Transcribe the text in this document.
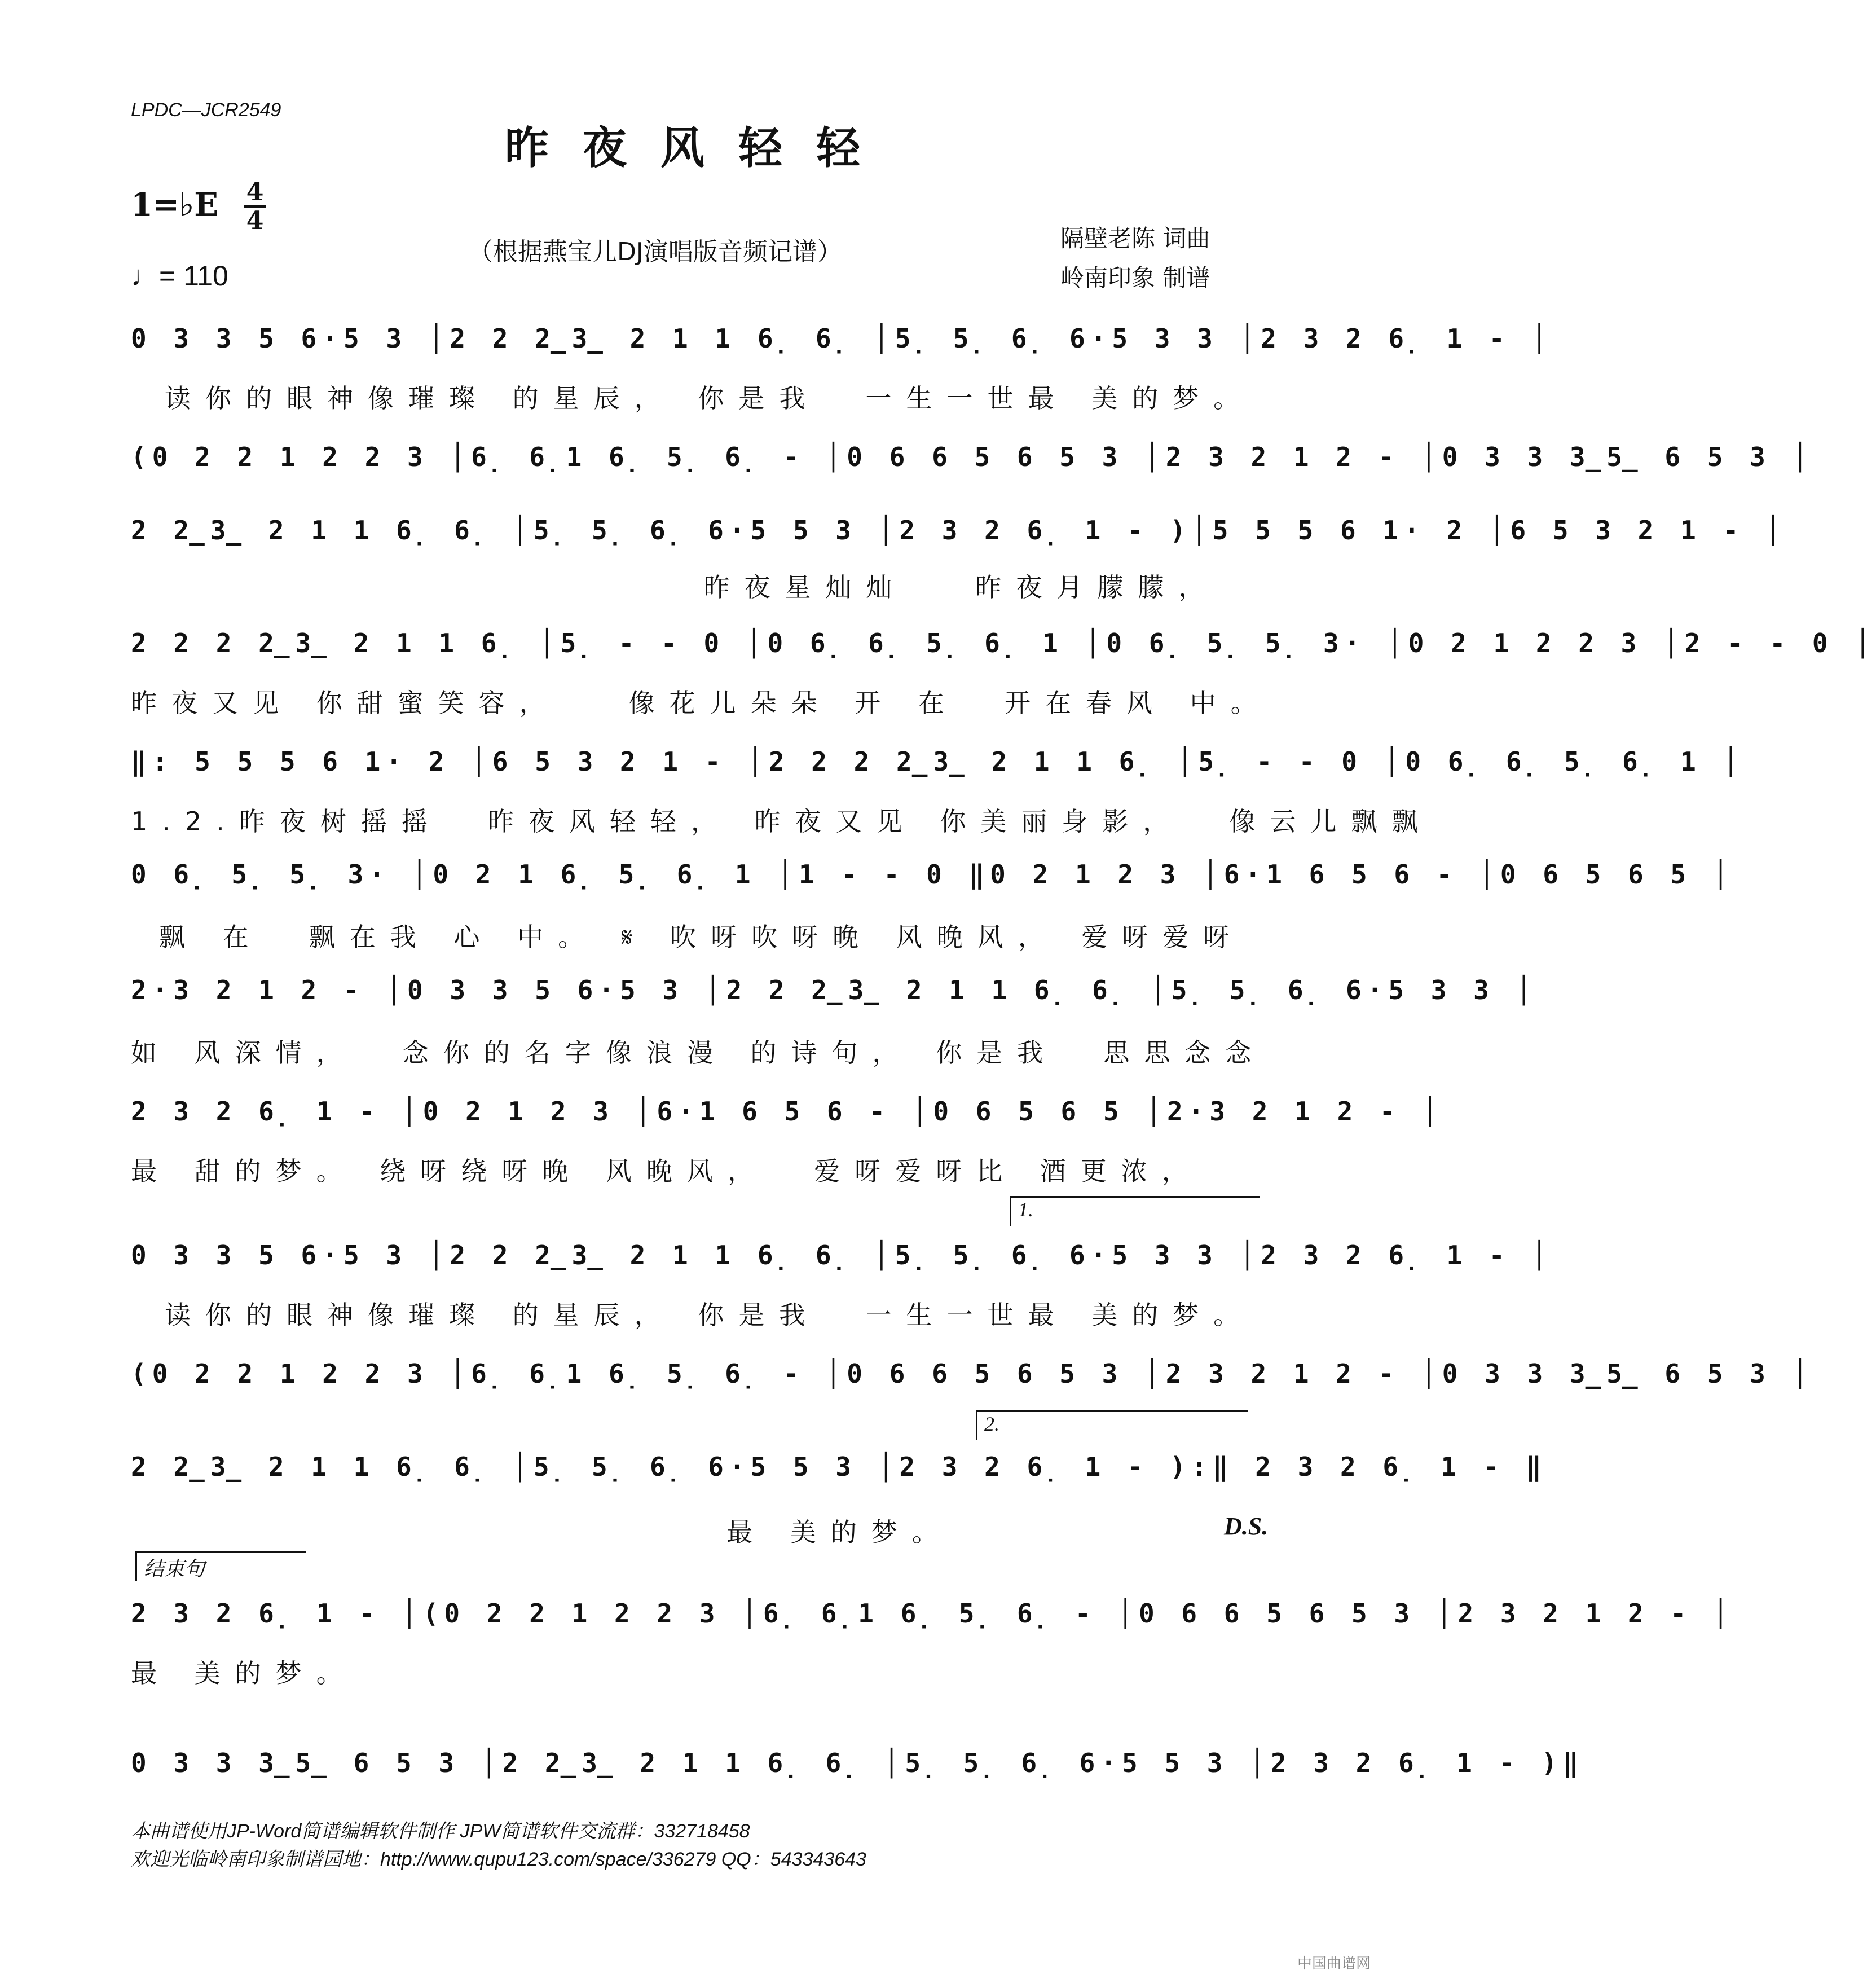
LPDC—JCR2549
昨夜风轻轻
1=♭E 4
4
♩= 110
（根据燕宝儿DJ演唱版音频记谱）	隔壁老陈 词曲
岭南印象 制谱
0 3 3 5 6·5 3 │2 2 2̲3̲ 2 1 1 6̣ 6̣ │5̣ 5̣ 6̣ 6·5 3 3 │2 3 2 6̣ 1 - │
读你的眼神像璀璨 的星辰， 你是我  一生一世最 美的梦。
(0 2 2 1 2 2 3 │6̣ 6̣1 6̣ 5̣ 6̣ - │0 6 6 5 6 5 3 │2 3 2 1 2 - │0 3 3 3̲5̲ 6 5 3 │
2 2̲3̲ 2 1 1 6̣ 6̣ │5̣ 5̣ 6̣ 6·5 5 3 │2 3 2 6̣ 1 - )│5 5 5 6 1· 2 │6 5 3 2 1 - │
昨夜星灿灿   昨夜月朦朦，
2 2 2 2̲3̲ 2 1 1 6̣ │5̣ - - 0 │0 6̣ 6̣ 5̣ 6̣ 1 │0 6̣ 5̣ 5̣ 3· │0 2 1 2 2 3 │2 - - 0 │
昨夜又见 你甜蜜笑容，   像花儿朵朵 开 在  开在春风 中。
‖: 5 5 5 6 1· 2 │6 5 3 2 1 - │2 2 2 2̲3̲ 2 1 1 6̣ │5̣ - - 0 │0 6̣ 6̣ 5̣ 6̣ 1 │
1.2.昨夜树摇摇  昨夜风轻轻， 昨夜又见 你美丽身影，  像云儿飘飘
0 6̣ 5̣ 5̣ 3· │0 2 1 6̣ 5̣ 6̣ 1 │1 - - 0 ‖0 2 1 2 3 │6·1 6 5 6 - │0 6 5 6 5 │
飘 在  飘在我 心 中。 𝄋 吹呀吹呀晚 风晚风， 爱呀爱呀
2·3 2 1 2 - │0 3 3 5 6·5 3 │2 2 2̲3̲ 2 1 1 6̣ 6̣ │5̣ 5̣ 6̣ 6·5 3 3 │
如 风深情，  念你的名字像浪漫 的诗句， 你是我  思思念念
2 3 2 6̣ 1 - │0 2 1 2 3 │6·1 6 5 6 - │0 6 5 6 5 │2·3 2 1 2 - │
最 甜的梦。 绕呀绕呀晚 风晚风，  爱呀爱呀比 酒更浓，
1.
0 3 3 5 6·5 3 │2 2 2̲3̲ 2 1 1 6̣ 6̣ │5̣ 5̣ 6̣ 6·5 3 3 │2 3 2 6̣ 1 - │
读你的眼神像璀璨 的星辰， 你是我  一生一世最 美的梦。
(0 2 2 1 2 2 3 │6̣ 6̣1 6̣ 5̣ 6̣ - │0 6 6 5 6 5 3 │2 3 2 1 2 - │0 3 3 3̲5̲ 6 5 3 │
2.
2 2̲3̲ 2 1 1 6̣ 6̣ │5̣ 5̣ 6̣ 6·5 5 3 │2 3 2 6̣ 1 - ):‖ 2 3 2 6̣ 1 - ‖
最 美的梦。	D.S.
结束句
2 3 2 6̣ 1 - │(0 2 2 1 2 2 3 │6̣ 6̣1 6̣ 5̣ 6̣ - │0 6 6 5 6 5 3 │2 3 2 1 2 - │
最 美的梦。
0 3 3 3̲5̲ 6 5 3 │2 2̲3̲ 2 1 1 6̣ 6̣ │5̣ 5̣ 6̣ 6·5 5 3 │2 3 2 6̣ 1 - )‖
本曲谱使用JP-Word简谱编辑软件制作 JPW简谱软件交流群：332718458
欢迎光临岭南印象制谱园地：http://www.qupu123.com/space/336279 QQ：543343643
中国曲谱网
